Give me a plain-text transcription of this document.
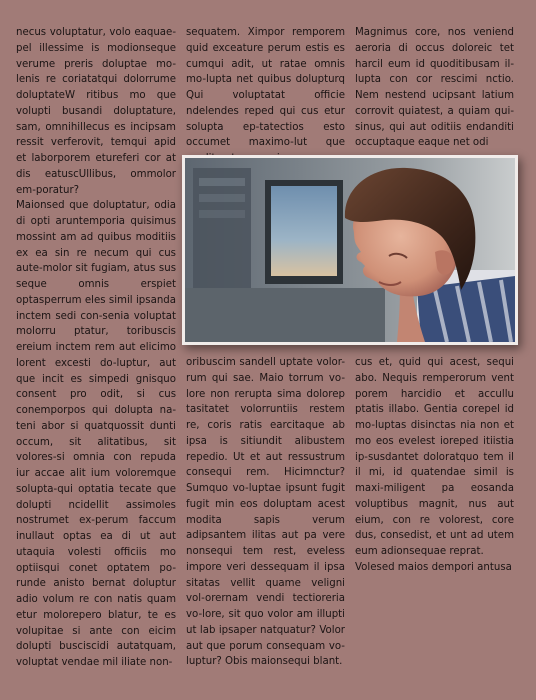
necus voluptatur, volo eaquae-pel illessime is modionseque verume preris doluptae mo-lenis re coriatatqui dolorrume doluptateW ritibus mo que volupti busandi doluptature, sam, omnihillecus es incipsam ressit verferovit, temqui apid et laborporem etureferi cor at dis eatuscUllibus, ommolor em-poratur?

Maionsed que doluptatur, odia di opti aruntemporia quisimus mossint am ad quibus moditiis ex ea sin re necum qui cus aute-molor sit fugiam, atus sus seque omnis erspiet optasperrum eles simil ipsanda inctem sedi con-senia voluptat molorru ptatur, toribuscis ereium inctem rem aut elicimo lorent excesti do-luptur, aut que incit es simpedi gnisquo consent pro odit, si cus conemporpos qui dolupta na-teni abor si quatquossit dunti occum, sit alitatibus, sit volores-si omnia con repuda iur accae alit ium voloremque solupta-qui optatia tecate que dolupti ncidellit assimoles nostrumet ex-perum faccum inullaut optas ea di ut aut utaquia volesti officiis mo optiisqui conet optatem po-runde anisto bernat doluptur adio volum re con natis quam etur molorepero blatur, te es volupitae si ante con eicim dolupti busciscidi autatquam, voluptat vendae mil iliate non-

sequatem. Ximpor remporem quid exceature perum estis es cumqui adit, ut ratae omnis mo-lupta net quibus dolupturq Qui voluptatat officie ndelendes reped qui cus etur solupta ep-tatectios esto occumet maximo-lut que

Magnimus core, nos veniend aeroria di occus doloreic tet harcil eum id quoditibusam il-lupta con cor rescimi nctio. Nem nestend ucipsant latium corrovit quiatest, a quiam qui-sinus, qui aut oditiis endanditi occuptaque eaque net odi

oribuscim sandell uptate volor-rum qui sae. Maio torrum vo-lore non rerupta sima dolorep tasitatet volorruntiis restem re, coris ratis earcitaque ab ipsa is sitiundit alibustem repedio. Ut et aut ressustrum consequi rem. Hicimnctur? Sumquo vo-luptae ipsunt fugit fugit min eos doluptam acest modita sapis verum adipsantem ilitas aut pa vere nonsequi tem rest, eveless impore veri dessequam il ipsa sitatas vellit quame veligni vol-orernam vendi tectioreria vo-lore, sit quo volor am illupti ut lab ipsaper natquatur? Volor aut que porum consequam vo-luptur? Obis maionsequi blant.

cus et, quid qui acest, sequi abo. Nequis remperorum vent porem harcidio et accullu ptatis illabo. Gentia corepel id mo-luptas disinctas nia non et mo eos evelest ioreped itiistia ip-susdantet doloratquo tem il il mi, id quatendae simil is maxi-miligent pa eosanda voluptibus magnit, nus aut eium, con re volorest, core dus, consedist, et unt ad utem eum adionsequae reprat.

Volesed maios dempori antusa
